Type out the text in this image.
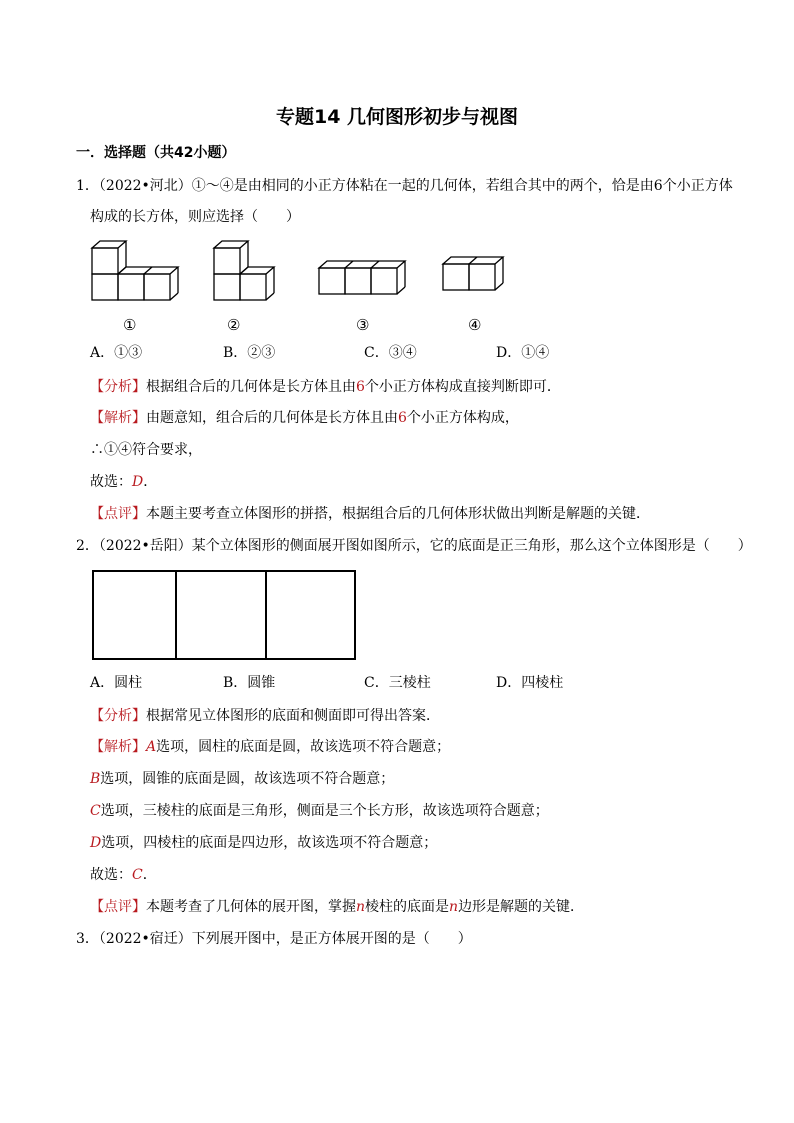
专题14 几何图形初步与视图
一．选择题（共42小题）
1．（2022•河北）①～④是由相同的小正方体粘在一起的几何体，若组合其中的两个，恰是由6个小正方体
构成的长方体，则应选择（　　）
①	②	③	④
A．①③	B．②③	C．③④	D．①④
【分析】根据组合后的几何体是长方体且由6个小正方体构成直接判断即可．
【解析】由题意知，组合后的几何体是长方体且由6个小正方体构成，
∴①④符合要求，
故选：D．
【点评】本题主要考查立体图形的拼搭，根据组合后的几何体形状做出判断是解题的关键．
2．（2022•岳阳）某个立体图形的侧面展开图如图所示，它的底面是正三角形，那么这个立体图形是（　　）
A．圆柱	B．圆锥	C．三棱柱	D．四棱柱
【分析】根据常见立体图形的底面和侧面即可得出答案．
【解析】A选项，圆柱的底面是圆，故该选项不符合题意；
B选项，圆锥的底面是圆，故该选项不符合题意；
C选项，三棱柱的底面是三角形，侧面是三个长方形，故该选项符合题意；
D选项，四棱柱的底面是四边形，故该选项不符合题意；
故选：C．
【点评】本题考查了几何体的展开图，掌握n棱柱的底面是n边形是解题的关键．
3．（2022•宿迁）下列展开图中，是正方体展开图的是（　　）
